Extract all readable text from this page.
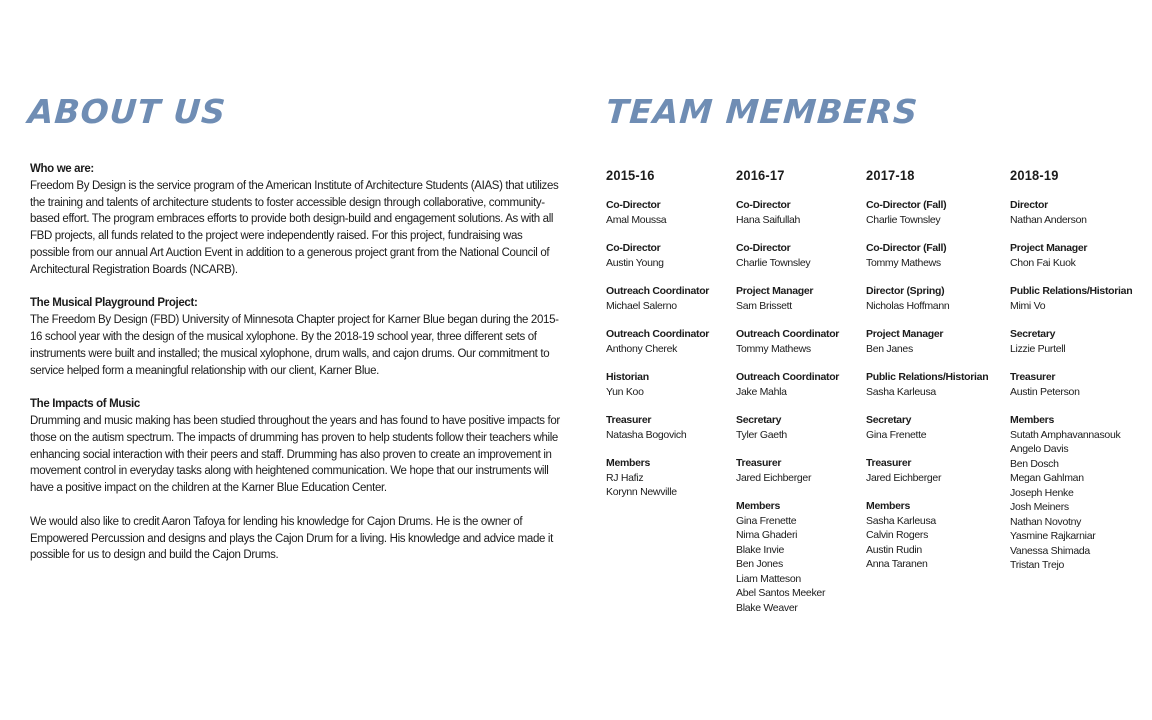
ABOUT US
Who we are:
Freedom By Design is the service program of the American Institute of Architecture Students (AIAS) that utilizes the training and talents of architecture students to foster accessible design through collaborative, community-based effort. The program embraces efforts to provide both design-build and engagement solutions. As with all FBD projects, all funds related to the project were independently raised. For this project, fundraising was possible from our annual Art Auction Event in addition to a generous project grant from the National Council of Architectural Registration Boards (NCARB).
The Musical Playground Project:
The Freedom By Design (FBD) University of Minnesota Chapter project for Karner Blue began during the 2015-16 school year with the design of the musical xylophone. By the 2018-19 school year, three different sets of instruments were built and installed; the musical xylophone, drum walls, and cajon drums. Our commitment to service helped form a meaningful relationship with our client, Karner Blue.
The Impacts of Music
Drumming and music making has been studied throughout the years and has found to have positive impacts for those on the autism spectrum. The impacts of drumming has proven to help students follow their teachers while enhancing social interaction with their peers and staff. Drumming has also proven to create an improvement in movement control in everyday tasks along with heightened communication. We hope that our instruments will have a positive impact on the children at the Karner Blue Education Center.
We would also like to credit Aaron Tafoya for lending his knowledge for Cajon Drums. He is the owner of Empowered Percussion and designs and plays the Cajon Drum for a living. His knowledge and advice made it possible for us to design and build the Cajon Drums.
TEAM MEMBERS
2015-16
Co-Director
Amal Moussa
Co-Director
Austin Young
Outreach Coordinator
Michael Salerno
Outreach Coordinator
Anthony Cherek
Historian
Yun Koo
Treasurer
Natasha Bogovich
Members
RJ Hafiz
Korynn Newville
2016-17
Co-Director
Hana Saifullah
Co-Director
Charlie Townsley
Project Manager
Sam Brissett
Outreach Coordinator
Tommy Mathews
Outreach Coordinator
Jake Mahla
Secretary
Tyler Gaeth
Treasurer
Jared Eichberger
Members
Gina Frenette
Nima Ghaderi
Blake Invie
Ben Jones
Liam Matteson
Abel Santos Meeker
Blake Weaver
2017-18
Co-Director (Fall)
Charlie Townsley
Co-Director (Fall)
Tommy Mathews
Director (Spring)
Nicholas Hoffmann
Project Manager
Ben Janes
Public Relations/Historian
Sasha Karleusa
Secretary
Gina Frenette
Treasurer
Jared Eichberger
Members
Sasha Karleusa
Calvin Rogers
Austin Rudin
Anna Taranen
2018-19
Director
Nathan Anderson
Project Manager
Chon Fai Kuok
Public Relations/Historian
Mimi Vo
Secretary
Lizzie Purtell
Treasurer
Austin Peterson
Members
Sutath Amphavannasouk
Angelo Davis
Ben Dosch
Megan Gahlman
Joseph Henke
Josh Meiners
Nathan Novotny
Yasmine Rajkarniar
Vanessa Shimada
Tristan Trejo
